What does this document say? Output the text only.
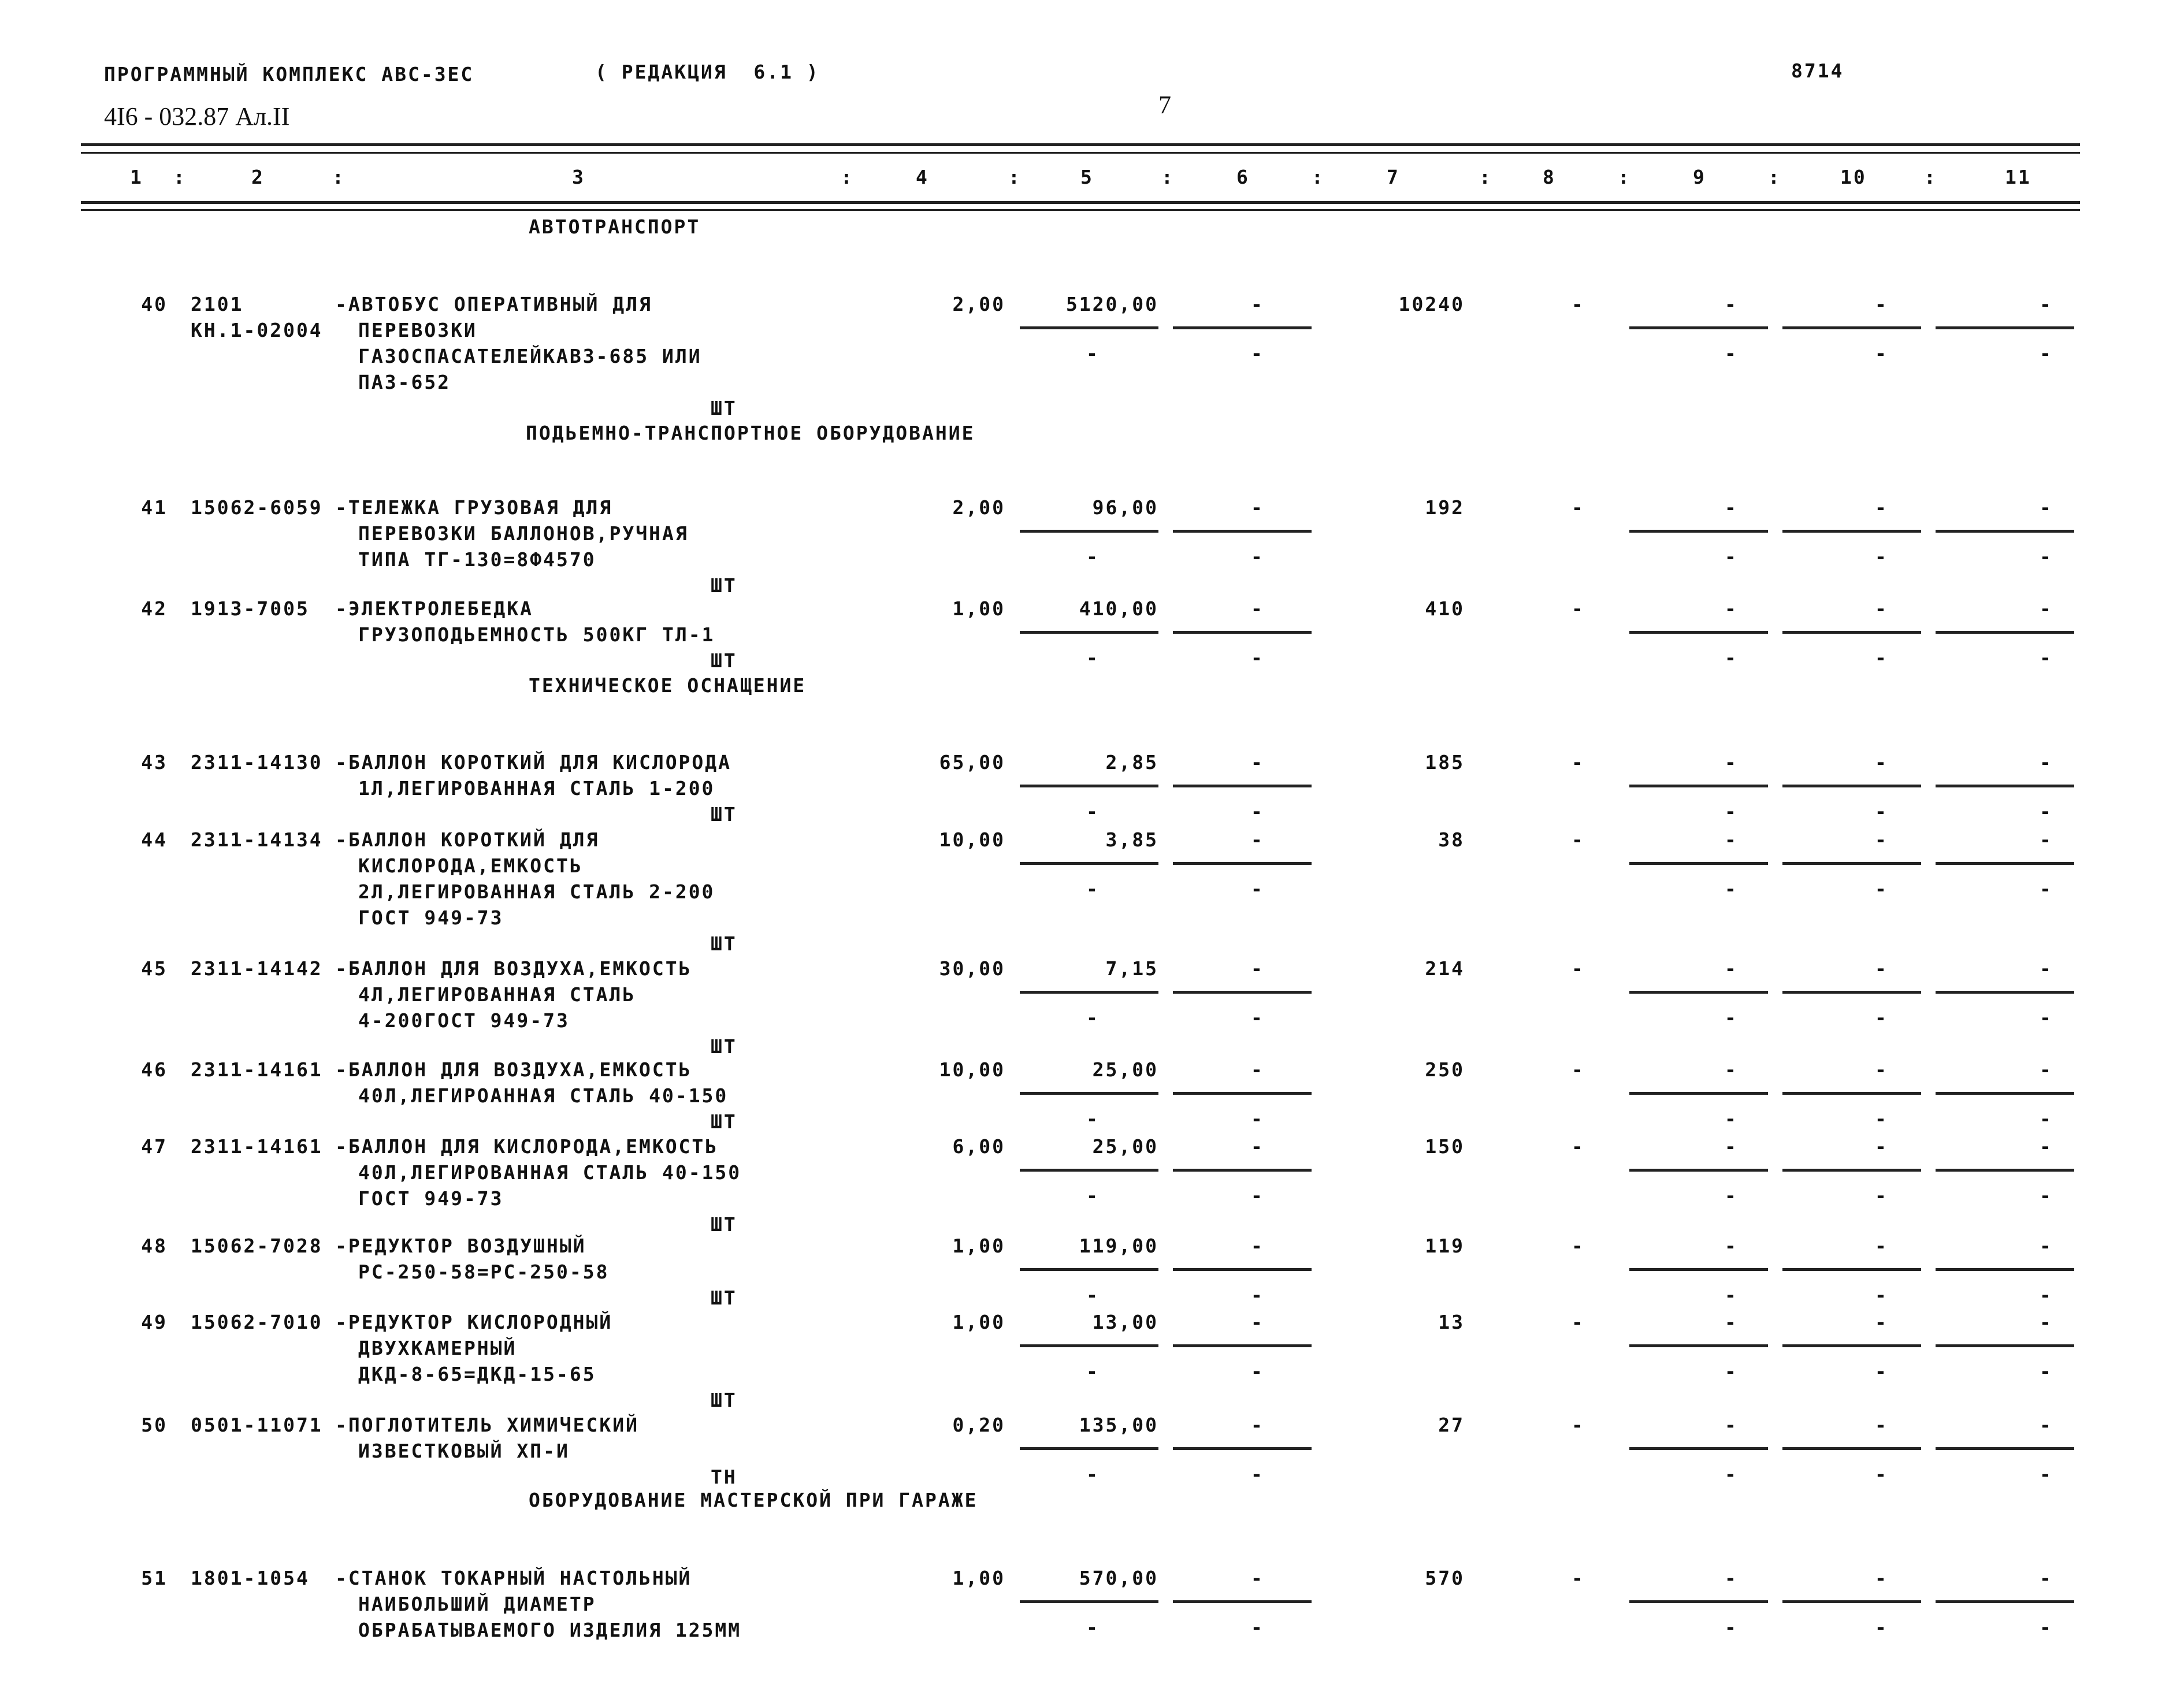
ПРОГРАММНЫЙ КОМПЛЕКС АВС-3ЕС	( РЕДАКЦИЯ  6.1 )	8714
4I6 - 032.87 Ал.II	7
1 :	2	:	3	:	4	:	5	:	6	:	7	:	8	:	9	:	10	:	11
АВТОТРАНСПОРТ
ПОДЬЕМНО-ТРАНСПОРТНОЕ ОБОРУДОВАНИЕ
ТЕХНИЧЕСКОЕ ОСНАЩЕНИЕ
ОБОРУДОВАНИЕ МАСТЕРСКОЙ ПРИ ГАРАЖЕ
40 2101
КН.1-02004
-АВТОБУС ОПЕРАТИВНЫЙ ДЛЯ
ПЕРЕВОЗКИ
ГАЗОСПАСАТЕЛЕЙКАВЗ-685 ИЛИ
ПАЗ-652
ШТ
2,00	5120,00	-	10240	-	-	-	-
-	-	-	-	-
41 15062-6059 -ТЕЛЕЖКА ГРУЗОВАЯ ДЛЯ
ПЕРЕВОЗКИ БАЛЛОНОВ,РУЧНАЯ
ТИПА ТГ-130=8Ф4570
ШТ
2,00	96,00	-	192	-	-	-	-
-	-	-	-	-
42 1913-7005 -ЭЛЕКТРОЛЕБЕДКА
ГРУЗОПОДЬЕМНОСТЬ 500КГ ТЛ-1
ШТ
1,00	410,00	-	410	-	-	-	-
-	-	-	-	-
43 2311-14130 -БАЛЛОН КОРОТКИЙ ДЛЯ КИСЛОРОДА
1Л,ЛЕГИРОВАННАЯ СТАЛЬ 1-200
ШТ
65,00	2,85	-	185	-	-	-	-
-	-	-	-	-
44 2311-14134 -БАЛЛОН КОРОТКИЙ ДЛЯ
КИСЛОРОДА,ЕМКОСТЬ
2Л,ЛЕГИРОВАННАЯ СТАЛЬ 2-200
ГОСТ 949-73
ШТ
10,00	3,85	-	38	-	-	-	-
-	-	-	-	-
45 2311-14142 -БАЛЛОН ДЛЯ ВОЗДУХА,ЕМКОСТЬ
4Л,ЛЕГИРОВАННАЯ СТАЛЬ
4-200ГОСТ 949-73
ШТ
30,00	7,15	-	214	-	-	-	-
-	-	-	-	-
46 2311-14161 -БАЛЛОН ДЛЯ ВОЗДУХА,ЕМКОСТЬ
40Л,ЛЕГИРОАННАЯ СТАЛЬ 40-150
ШТ
10,00	25,00	-	250	-	-	-	-
-	-	-	-	-
47 2311-14161 -БАЛЛОН ДЛЯ КИСЛОРОДА,ЕМКОСТЬ
40Л,ЛЕГИРОВАННАЯ СТАЛЬ 40-150
ГОСТ 949-73
ШТ
6,00	25,00	-	150	-	-	-	-
-	-	-	-	-
48 15062-7028 -РЕДУКТОР ВОЗДУШНЫЙ
РС-250-58=РС-250-58
ШТ
1,00	119,00	-	119	-	-	-	-
-	-	-	-	-
49 15062-7010 -РЕДУКТОР КИСЛОРОДНЫЙ
ДВУХКАМЕРНЫЙ
ДКД-8-65=ДКД-15-65
ШТ
1,00	13,00	-	13	-	-	-	-
-	-	-	-	-
50 0501-11071 -ПОГЛОТИТЕЛЬ ХИМИЧЕСКИЙ
ИЗВЕСТКОВЫЙ ХП-И
ТН
0,20	135,00	-	27	-	-	-	-
-	-	-	-	-
51 1801-1054 -СТАНОК ТОКАРНЫЙ НАСТОЛЬНЫЙ
НАИБОЛЬШИЙ ДИАМЕТР
ОБРАБАТЫВАЕМОГО ИЗДЕЛИЯ 125ММ
1,00	570,00	-	570	-	-	-	-
-	-	-	-	-
